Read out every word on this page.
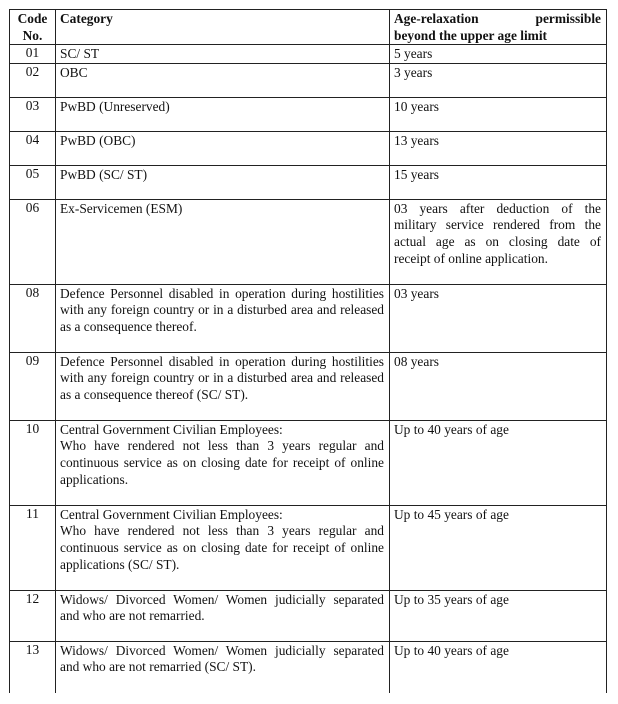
Code
No.	Category	Age-relaxation permissible
beyond the upper age limit

01	SC/ ST	5 years
02	OBC	3 years
03	PwBD (Unreserved)	10 years
04	PwBD (OBC)	13 years
05	PwBD (SC/ ST)	15 years
06	Ex-Servicemen (ESM)	03 years after deduction of the military service rendered from the actual age as on closing date of receipt of online application.
08	Defence Personnel disabled in operation during hostilities with any foreign country or in a disturbed area and released as a consequence thereof.	03 years
09	Defence Personnel disabled in operation during hostilities with any foreign country or in a disturbed area and released as a consequence thereof (SC/ ST).	08 years
10	Central Government Civilian Employees:
Who have rendered not less than 3 years regular and continuous service as on closing date for receipt of online applications.	Up to 40 years of age
11	Central Government Civilian Employees:
Who have rendered not less than 3 years regular and continuous service as on closing date for receipt of online applications (SC/ ST).	Up to 45 years of age
12	Widows/ Divorced Women/ Women judicially separated and who are not remarried.	Up to 35 years of age
13	Widows/ Divorced Women/ Women judicially separated and who are not remarried (SC/ ST).	Up to 40 years of age
